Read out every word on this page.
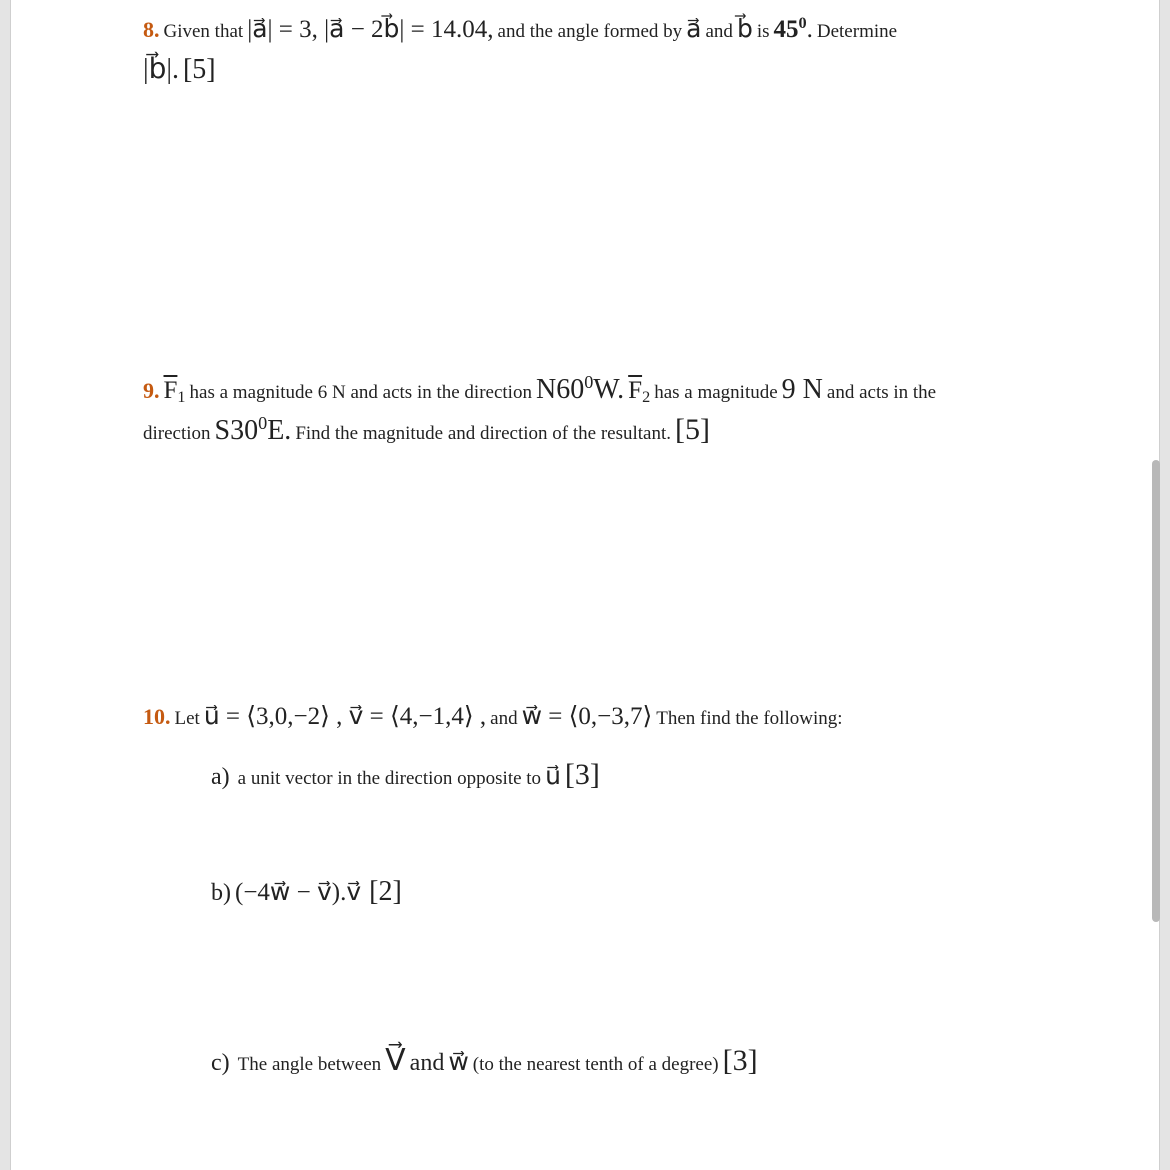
8. Given that |a⃗| = 3, |a⃗ − 2b⃗| = 14.04, and the angle formed by a⃗ and b⃗ is $45^0$. Determine
|b⃗|. [5]
9. $\overline{F}_1$ has a magnitude 6 N and acts in the direction $N60^0W$. $\overline{F}_2$ has a magnitude 9 N and acts in the
direction $S30^0E$. Find the magnitude and direction of the resultant. [5]
10. Let u⃗ = ⟨3,0,−2⟩ , v⃗ = ⟨4,−1,4⟩ , and w⃗ = ⟨0,−3,7⟩ Then find the following:
a) a unit vector in the direction opposite to u⃗ [3]
b) (−4w⃗ − v⃗).v⃗ [2]
c) The angle between V⃗ and w⃗ (to the nearest tenth of a degree) [3]
